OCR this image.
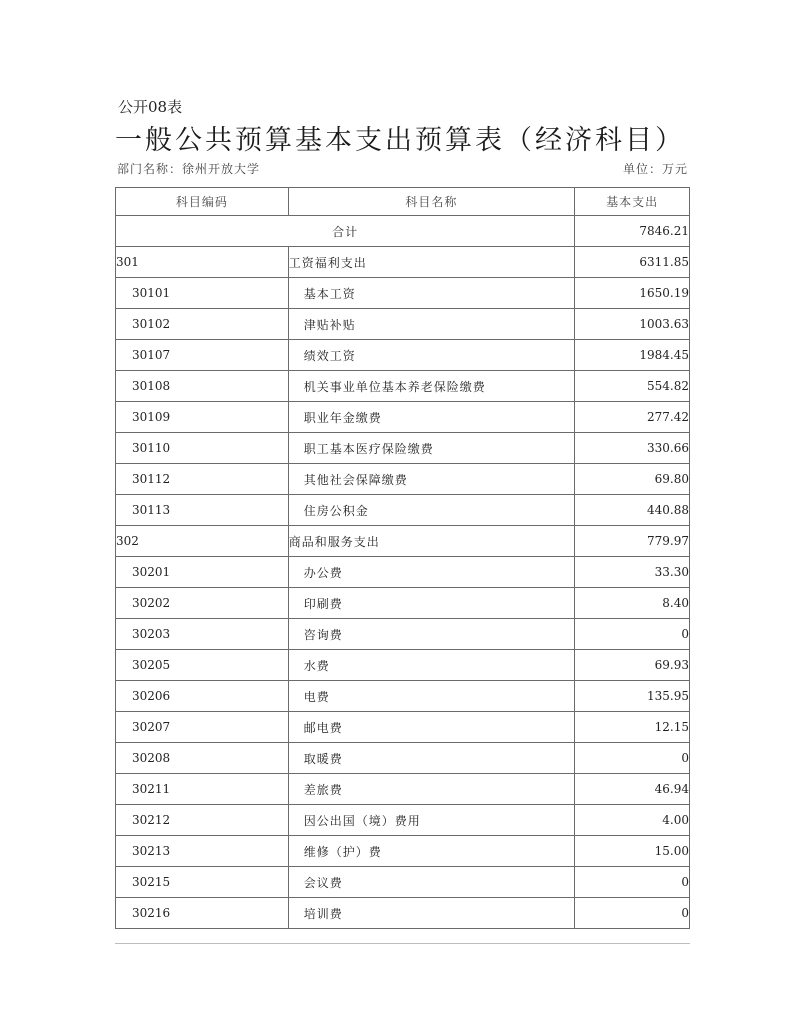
公开08表
一般公共预算基本支出预算表（经济科目）
部门名称：徐州开放大学	单位：万元
科目编码	科目名称	基本支出
合计		7846.21
301	工资福利支出	6311.85
30101	基本工资	1650.19
30102	津贴补贴	1003.63
30107	绩效工资	1984.45
30108	机关事业单位基本养老保险缴费	554.82
30109	职业年金缴费	277.42
30110	职工基本医疗保险缴费	330.66
30112	其他社会保障缴费	69.80
30113	住房公积金	440.88
302	商品和服务支出	779.97
30201	办公费	33.30
30202	印刷费	8.40
30203	咨询费	0
30205	水费	69.93
30206	电费	135.95
30207	邮电费	12.15
30208	取暖费	0
30211	差旅费	46.94
30212	因公出国（境）费用	4.00
30213	维修（护）费	15.00
30215	会议费	0
30216	培训费	0
